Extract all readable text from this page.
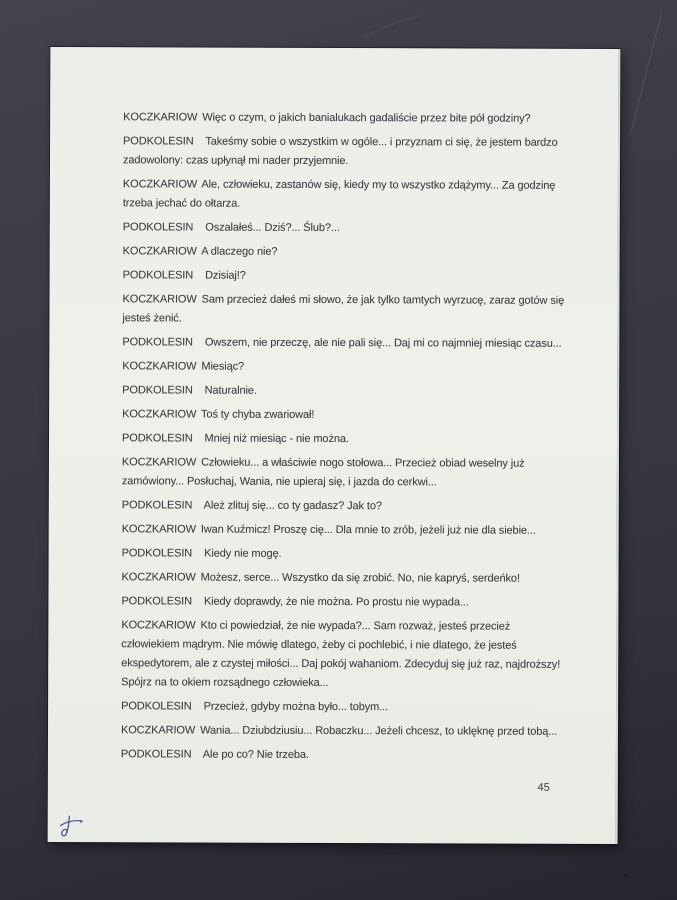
KOCZKARIOW Więc o czym, o jakich banialukach gadaliście przez bite pół godziny?

PODKOLESIN Takeśmy sobie o wszystkim w ogóle... i przyznam ci się, że jestem bardzo zadowolony: czas upłynął mi nader przyjemnie.

KOCZKARIOW Ale, człowieku, zastanów się, kiedy my to wszystko zdążymy... Za godzinę trzeba jechać do ołtarza.

PODKOLESIN Oszalałeś... Dziś?... Ślub?...

KOCZKARIOW A dlaczego nie?

PODKOLESIN Dzisiaj!?

KOCZKARIOW Sam przecież dałeś mi słowo, że jak tylko tamtych wyrzucę, zaraz gotów się jesteś żenić.

PODKOLESIN Owszem, nie przeczę, ale nie pali się... Daj mi co najmniej miesiąc czasu...

KOCZKARIOW Miesiąc?

PODKOLESIN Naturalnie.

KOCZKARIOW Toś ty chyba zwariował!

PODKOLESIN Mniej niż miesiąc - nie można.

KOCZKARIOW Człowieku... a właściwie nogo stołowa... Przecież obiad weselny już zamówiony... Posłuchaj, Wania, nie upieraj się, i jazda do cerkwi...

PODKOLESIN Ależ zlituj się... co ty gadasz? Jak to?

KOCZKARIOW Iwan Kuźmicz! Proszę cię... Dla mnie to zrób, jeżeli już nie dla siebie...

PODKOLESIN Kiedy nie mogę.

KOCZKARIOW Możesz, serce... Wszystko da się zrobić. No, nie kapryś, serdeńko!

PODKOLESIN Kiedy doprawdy, że nie można. Po prostu nie wypada...

KOCZKARIOW Kto ci powiedział, że nie wypada?... Sam rozważ, jesteś przecież człowiekiem mądrym. Nie mówię dlatego, żeby ci pochlebić, i nie dlatego, że jesteś ekspedytorem, ale z czystej miłości... Daj pokój wahaniom. Zdecyduj się już raz, najdroższy! Spójrz na to okiem rozsądnego człowieka...

PODKOLESIN Przecież, gdyby można było... tobym...

KOCZKARIOW Wania... Dziubdziusiu... Robaczku... Jeżeli chcesz, to uklęknę przed tobą...

PODKOLESIN Ale po co? Nie trzeba.

45
